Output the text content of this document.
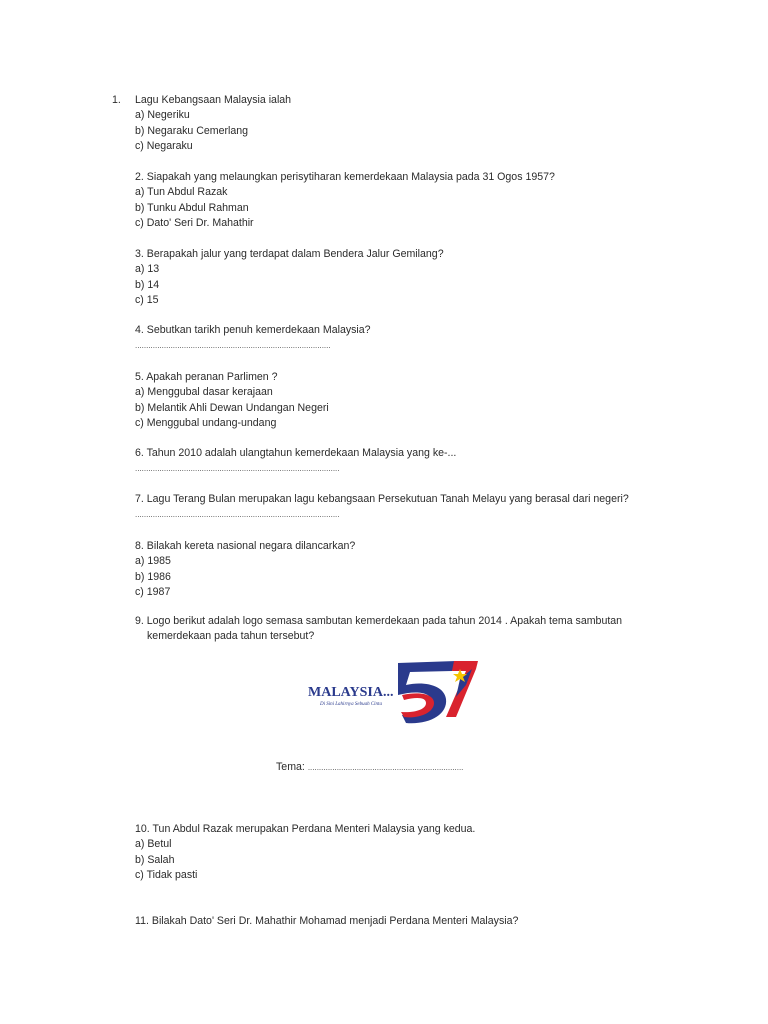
1. Lagu Kebangsaan Malaysia ialah
a) Negeriku
b) Negaraku Cemerlang
c) Negaraku
2. Siapakah yang melaungkan perisytiharan kemerdekaan Malaysia pada 31 Ogos 1957?
a) Tun Abdul Razak
b) Tunku Abdul Rahman
c) Dato' Seri Dr. Mahathir
3. Berapakah jalur yang terdapat dalam Bendera Jalur Gemilang?
a) 13
b) 14
c) 15
4. Sebutkan tarikh penuh kemerdekaan Malaysia?
........................................................................................
5. Apakah peranan Parlimen ?
a) Menggubal dasar kerajaan
b) Melantik Ahli Dewan Undangan Negeri
c) Menggubal undang-undang
6. Tahun 2010 adalah ulangtahun kemerdekaan Malaysia yang ke-...
............................................................................................
7. Lagu Terang Bulan merupakan lagu kebangsaan Persekutuan Tanah Melayu yang berasal dari negeri?
............................................................................................
8. Bilakah kereta nasional negara dilancarkan?
a) 1985
b) 1986
c) 1987
9. Logo berikut adalah logo semasa sambutan kemerdekaan pada tahun 2014 . Apakah tema sambutan
kemerdekaan pada tahun tersebut?
MALAYSIA...
Di Sini Lahirnya Sebuah Cinta
Tema: ......................................................................
10. Tun Abdul Razak merupakan Perdana Menteri Malaysia yang kedua.
a) Betul
b) Salah
c) Tidak pasti
11. Bilakah Dato' Seri Dr. Mahathir Mohamad menjadi Perdana Menteri Malaysia?
